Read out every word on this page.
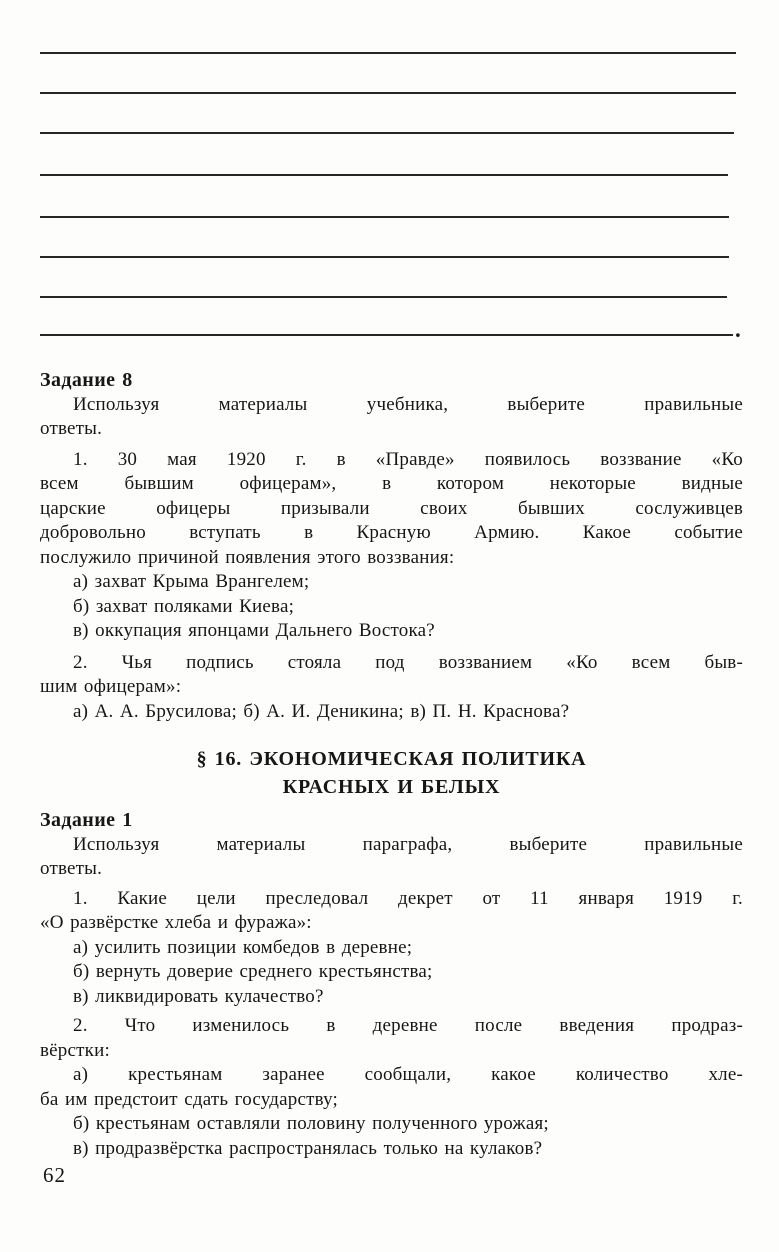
.
Задание 8
Используя материалы учебника, выберите правильные
ответы.
1. 30 мая 1920 г. в «Правде» появилось воззвание «Ко
всем бывшим офицерам», в котором некоторые видные
царские офицеры призывали своих бывших сослуживцев
добровольно вступать в Красную Армию. Какое событие
послужило причиной появления этого воззвания:
а) захват Крыма Врангелем;
б) захват поляками Киева;
в) оккупация японцами Дальнего Востока?
2. Чья подпись стояла под воззванием «Ко всем быв-
шим офицерам»:
а) А. А. Брусилова; б) А. И. Деникина; в) П. Н. Краснова?
§ 16. ЭКОНОМИЧЕСКАЯ ПОЛИТИКА
КРАСНЫХ И БЕЛЫХ
Задание 1
Используя материалы параграфа, выберите правильные
ответы.
1. Какие цели преследовал декрет от 11 января 1919 г.
«О развёрстке хлеба и фуража»:
а) усилить позиции комбедов в деревне;
б) вернуть доверие среднего крестьянства;
в) ликвидировать кулачество?
2. Что изменилось в деревне после введения продраз-
вёрстки:
а) крестьянам заранее сообщали, какое количество хле-
ба им предстоит сдать государству;
б) крестьянам оставляли половину полученного урожая;
в) продразвёрстка распространялась только на кулаков?
62
